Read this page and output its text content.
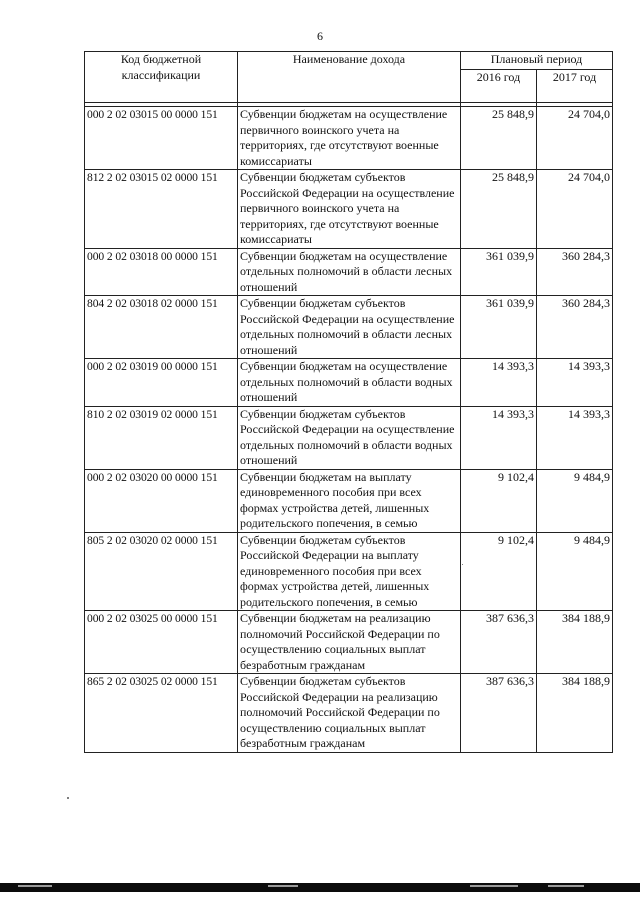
6
Код бюджетной классификации	Наименование дохода	Плановый период	
		2016 год	2017 год

000 2 02 03015 00 0000 151	Субвенции бюджетам на осуществление первичного воинского учета на территориях, где отсутствуют военные комиссариаты	25 848,9	24 704,0
812 2 02 03015 02 0000 151	Субвенции бюджетам субъектов Российской Федерации на осуществление первичного воинского учета на территориях, где отсутствуют военные комиссариаты	25 848,9	24 704,0
000 2 02 03018 00 0000 151	Субвенции бюджетам на осуществление отдельных полномочий в области лесных отношений	361 039,9	360 284,3
804 2 02 03018 02 0000 151	Субвенции бюджетам субъектов Российской Федерации на осуществление отдельных полномочий в области лесных отношений	361 039,9	360 284,3
000 2 02 03019 00 0000 151	Субвенции бюджетам на осуществление отдельных полномочий в области водных отношений	14 393,3	14 393,3
810 2 02 03019 02 0000 151	Субвенции бюджетам субъектов Российской Федерации на осуществление отдельных полномочий в области водных отношений	14 393,3	14 393,3
000 2 02 03020 00 0000 151	Субвенции бюджетам на выплату единовременного пособия при всех формах устройства детей, лишенных родительского попечения, в семью	9 102,4	9 484,9
805 2 02 03020 02 0000 151	Субвенции бюджетам субъектов Российской Федерации на выплату единовременного пособия при всех формах устройства детей, лишенных родительского попечения, в семью	9 102,4	9 484,9
000 2 02 03025 00 0000 151	Субвенции бюджетам на реализацию полномочий Российской Федерации по осуществлению социальных выплат безработным гражданам	387 636,3	384 188,9
865 2 02 03025 02 0000 151	Субвенции бюджетам субъектов Российской Федерации на реализацию полномочий Российской Федерации по осуществлению социальных выплат безработным гражданам	387 636,3	384 188,9
